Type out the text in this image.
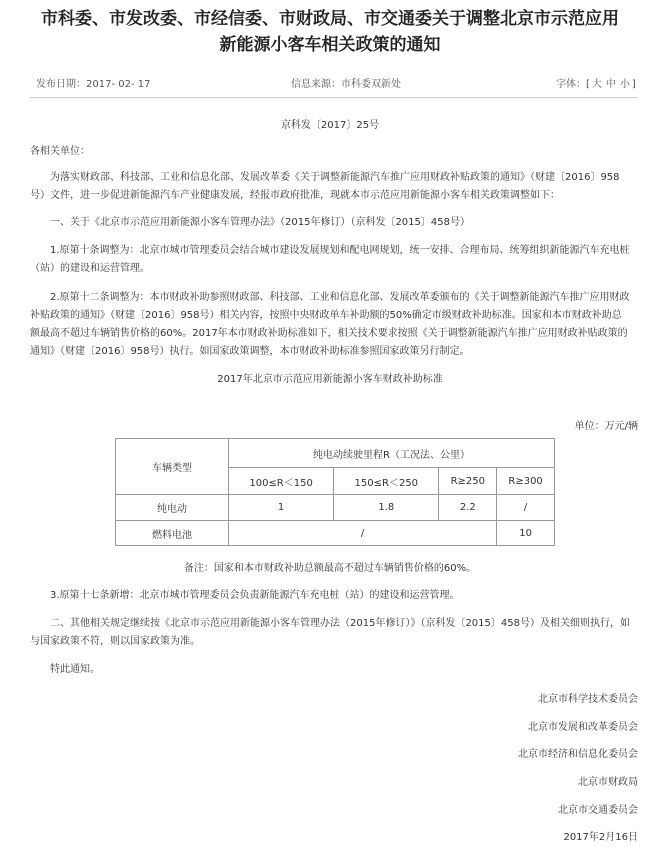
市科委、市发改委、市经信委、市财政局、市交通委关于调整北京市示范应用
新能源小客车相关政策的通知
发布日期：2017- 02- 17	信息来源：市科委双新处	字体：[ 大 中 小 ]
京科发〔2017〕25号
各相关单位：
为落实财政部、科技部、工业和信息化部、发展改革委《关于调整新能源汽车推广应用财政补贴政策的通知》（财建〔2016〕958号）文件，进一步促进新能源汽车产业健康发展，经报市政府批准，现就本市示范应用新能源小客车相关政策调整如下：
一、关于《北京市示范应用新能源小客车管理办法》（2015年修订）（京科发〔2015〕458号）
1.原第十条调整为：北京市城市管理委员会结合城市建设发展规划和配电网规划，统一安排、合理布局、统筹组织新能源汽车充电桩（站）的建设和运营管理。
2.原第十二条调整为：本市财政补助参照财政部、科技部、工业和信息化部、发展改革委颁布的《关于调整新能源汽车推广应用财政补贴政策的通知》（财建〔2016〕958号）相关内容，按照中央财政单车补助额的50%确定市级财政补助标准。国家和本市财政补助总额最高不超过车辆销售价格的60%。2017年本市财政补助标准如下，相关技术要求按照《关于调整新能源汽车推广应用财政补贴政策的通知》（财建〔2016〕958号）执行。如国家政策调整，本市财政补助标准参照国家政策另行制定。
2017年北京市示范应用新能源小客车财政补助标准
单位：万元/辆
车辆类型	纯电动续驶里程R（工况法、公里）			
	100≤R＜150	150≤R＜250	R≥250	R≥300
纯电动	1	1.8	2.2	/
燃料电池	/			10
备注：国家和本市财政补助总额最高不超过车辆销售价格的60%。
3.原第十七条新增：北京市城市管理委员会负责新能源汽车充电桩（站）的建设和运营管理。
二、其他相关规定继续按《北京市示范应用新能源小客车管理办法（2015年修订）》（京科发〔2015〕458号）及相关细则执行，如与国家政策不符，则以国家政策为准。
特此通知。
北京市科学技术委员会
北京市发展和改革委员会
北京市经济和信息化委员会
北京市财政局
北京市交通委员会
2017年2月16日
